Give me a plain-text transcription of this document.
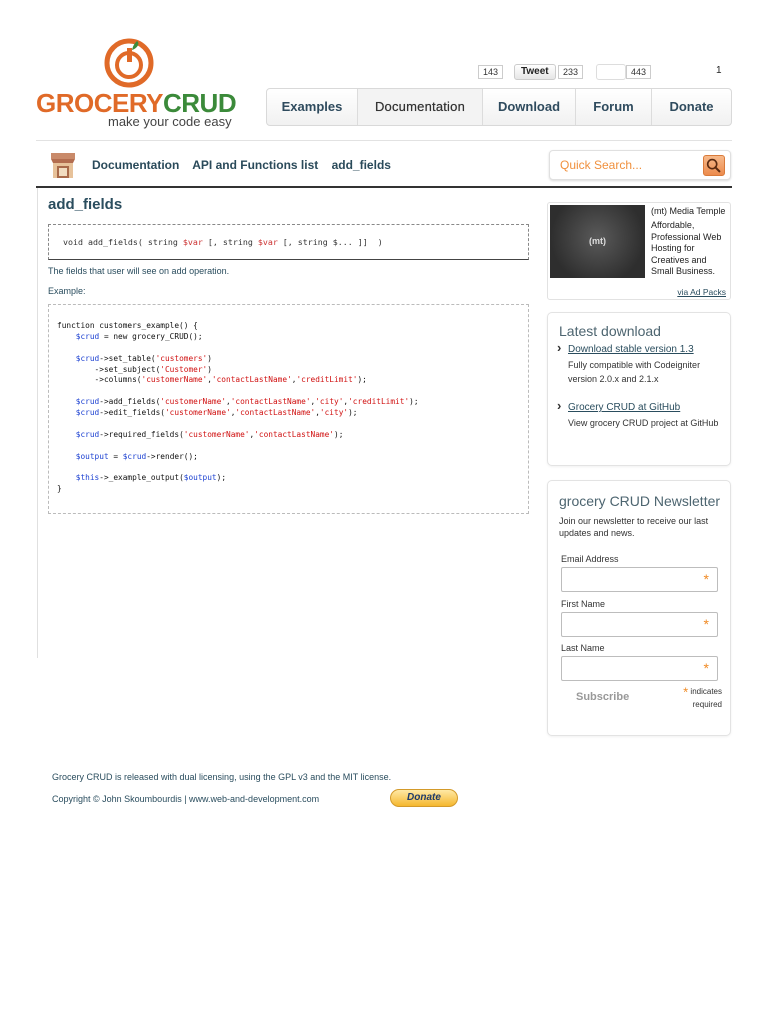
GROCERYCRUD
make your code easy
143	Tweet	233	443	1
Examples	Documentation	Download	Forum	Donate
Documentation API and Functions list add_fields
Quick Search...
add_fields
void add_fields( string $var [, string $var [, string $... ]]  )
The fields that user will see on add operation.
Example:
function customers_example() {
$crud = new grocery_CRUD();
$crud->set_table('customers')
->set_subject('Customer')
->columns('customerName','contactLastName','creditLimit');
$crud->add_fields('customerName','contactLastName','city','creditLimit');
$crud->edit_fields('customerName','contactLastName','city');
$crud->required_fields('customerName','contactLastName');
$output = $crud->render();
$this->_example_output($output);
}
(mt)
(mt) Media Temple
Affordable, Professional Web Hosting for Creatives and Small Business.
via Ad Packs
Latest download
› Download stable version 1.3
Fully compatible with Codeigniter version 2.0.x and 2.1.x
› Grocery CRUD at GitHub
View grocery CRUD project at GitHub
grocery CRUD Newsletter
Join our newsletter to receive our last updates and news.
Email Address
*
First Name
*
Last Name
*
Subscribe	* indicates required
Grocery CRUD is released with dual licensing, using the GPL v3 and the MIT license.
Copyright © John Skoumbourdis | www.web-and-development.com	Donate
